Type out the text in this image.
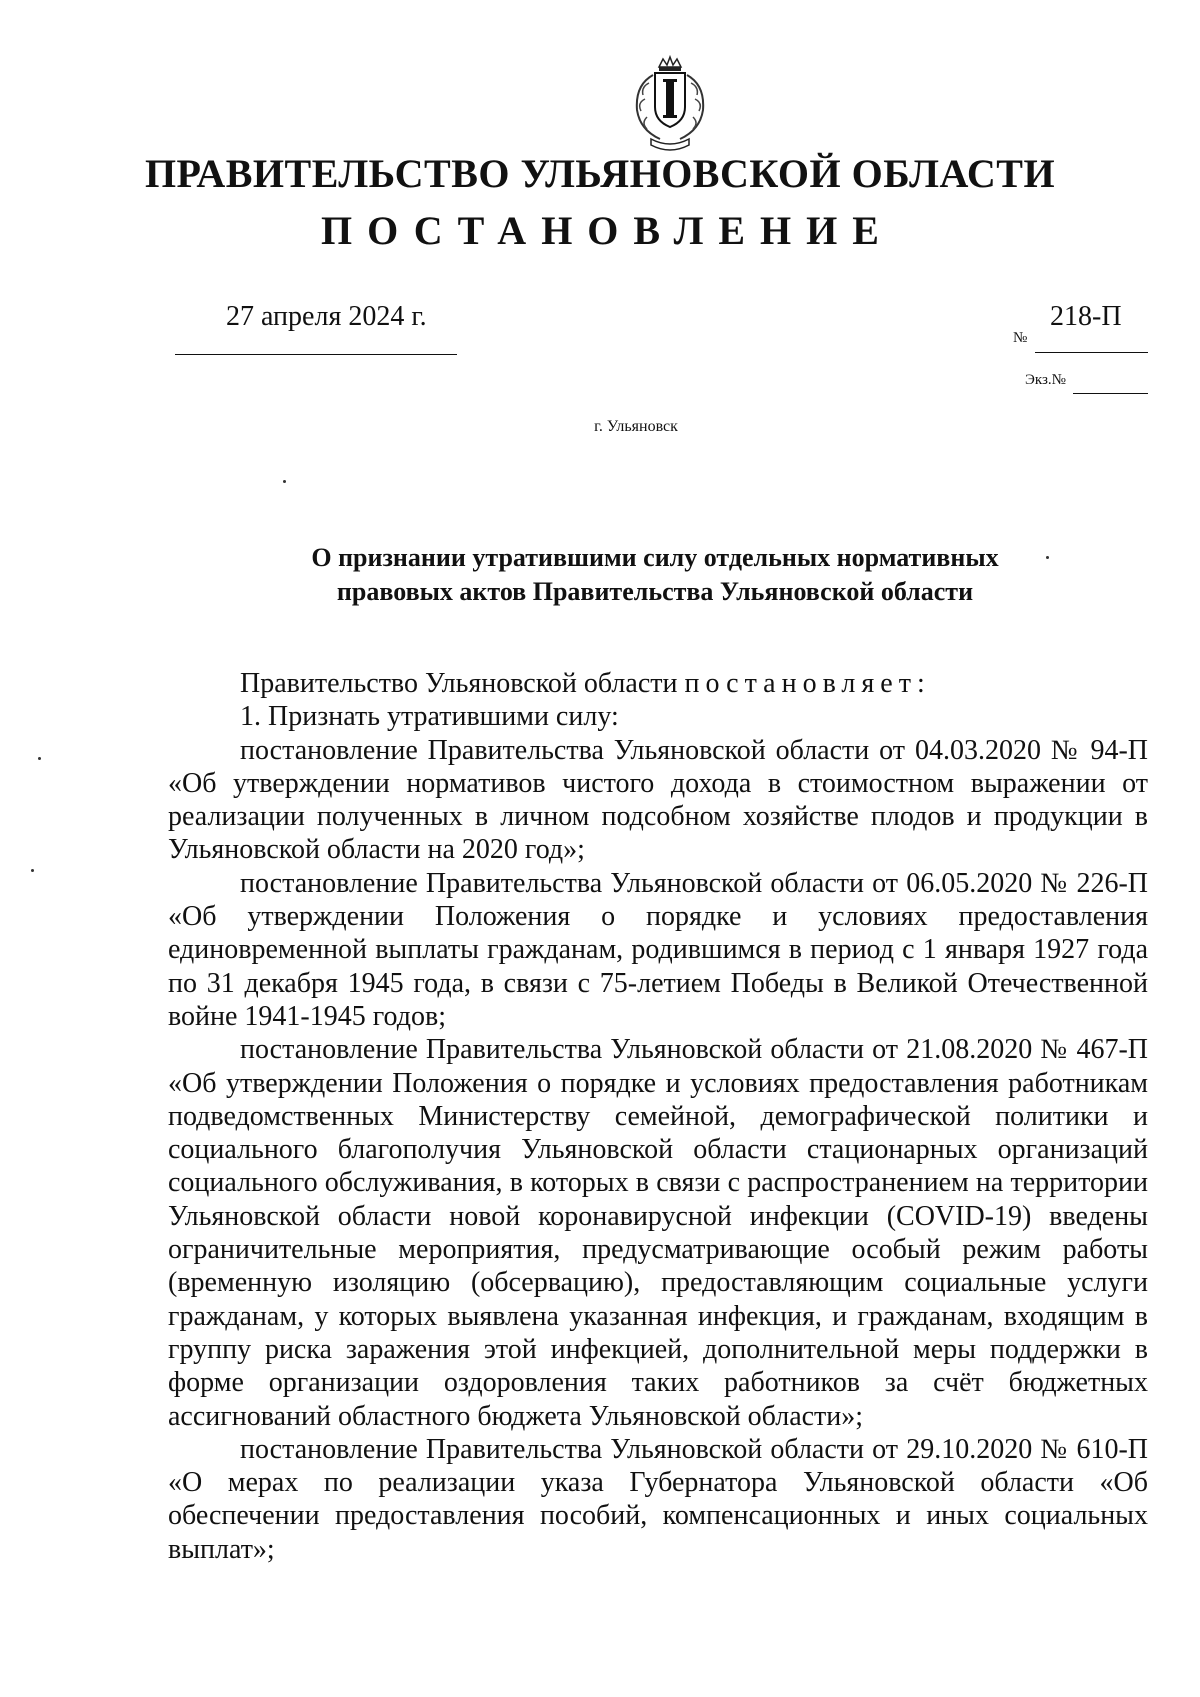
ПРАВИТЕЛЬСТВО УЛЬЯНОВСКОЙ ОБЛАСТИ
ПОСТАНОВЛЕНИЕ
27 апреля 2024 г.	218-П
№
Экз.№
г. Ульяновск
О признании утратившими силу отдельных нормативных
правовых актов Правительства Ульяновской области

Правительство Ульяновской области постановляет:

1. Признать утратившими силу:

постановление Правительства Ульяновской области от 04.03.2020 № 94-П «Об утверждении нормативов чистого дохода в стоимостном выражении от реализации полученных в личном подсобном хозяйстве плодов и продукции в Ульяновской области на 2020 год»;

постановление Правительства Ульяновской области от 06.05.2020 № 226-П «Об утверждении Положения о порядке и условиях предоставления единовременной выплаты гражданам, родившимся в период с 1 января 1927 года по 31 декабря 1945 года, в связи с 75-летием Победы в Великой Отечественной войне 1941-1945 годов;

постановление Правительства Ульяновской области от 21.08.2020 № 467-П «Об утверждении Положения о порядке и условиях предоставления работникам подведомственных Министерству семейной, демографической политики и социального благополучия Ульяновской области стационарных организаций социального обслуживания, в которых в связи с распространением на территории Ульяновской области новой коронавирусной инфекции (COVID-19) введены ограничительные мероприятия, предусматривающие особый режим работы (временную изоляцию (обсервацию), предоставляющим социальные услуги гражданам, у которых выявлена указанная инфекция, и гражданам, входящим в группу риска заражения этой инфекцией, дополнительной меры поддержки в форме организации оздоровления таких работников за счёт бюджетных ассигнований областного бюджета Ульяновской области»;

постановление Правительства Ульяновской области от 29.10.2020 № 610-П «О мерах по реализации указа Губернатора Ульяновской области «Об обеспечении предоставления пособий, компенсационных и иных социальных выплат»;
